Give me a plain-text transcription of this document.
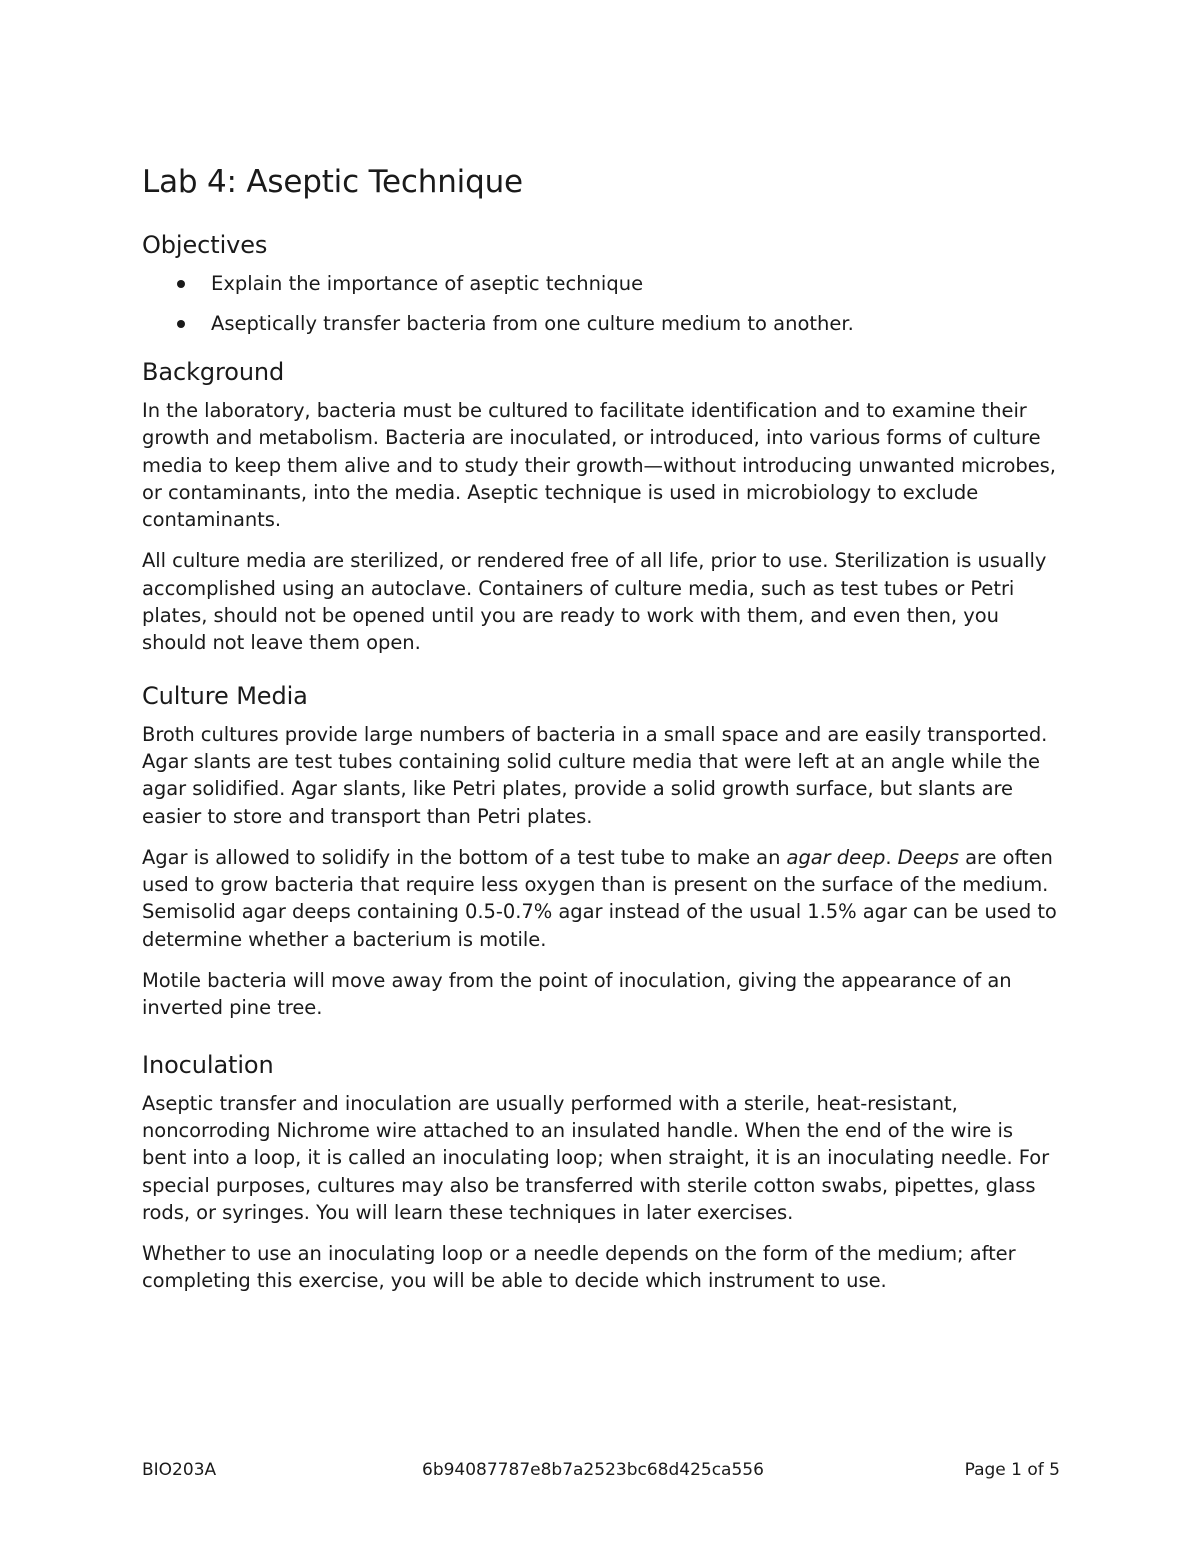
Lab 4: Aseptic Technique
Objectives
Explain the importance of aseptic technique
Aseptically transfer bacteria from one culture medium to another.
Background

In the laboratory, bacteria must be cultured to facilitate identification and to examine their growth and metabolism. Bacteria are inoculated, or introduced, into various forms of culture media to keep them alive and to study their growth—without introducing unwanted microbes, or contaminants, into the media. Aseptic technique is used in microbiology to exclude contaminants.

All culture media are sterilized, or rendered free of all life, prior to use. Sterilization is usually accomplished using an autoclave. Containers of culture media, such as test tubes or Petri plates, should not be opened until you are ready to work with them, and even then, you should not leave them open.

Culture Media

Broth cultures provide large numbers of bacteria in a small space and are easily transported. Agar slants are test tubes containing solid culture media that were left at an angle while the agar solidified. Agar slants, like Petri plates, provide a solid growth surface, but slants are easier to store and transport than Petri plates.

Agar is allowed to solidify in the bottom of a test tube to make an agar deep. Deeps are often used to grow bacteria that require less oxygen than is present on the surface of the medium. Semisolid agar deeps containing 0.5-0.7% agar instead of the usual 1.5% agar can be used to determine whether a bacterium is motile.

Motile bacteria will move away from the point of inoculation, giving the appearance of an inverted pine tree.

Inoculation

Aseptic transfer and inoculation are usually performed with a sterile, heat-resistant, noncorroding Nichrome wire attached to an insulated handle. When the end of the wire is bent into a loop, it is called an inoculating loop; when straight, it is an inoculating needle. For special purposes, cultures may also be transferred with sterile cotton swabs, pipettes, glass rods, or syringes. You will learn these techniques in later exercises.

Whether to use an inoculating loop or a needle depends on the form of the medium; after completing this exercise, you will be able to decide which instrument to use.

BIO203A	6b94087787e8b7a2523bc68d425ca556	Page 1 of 5
